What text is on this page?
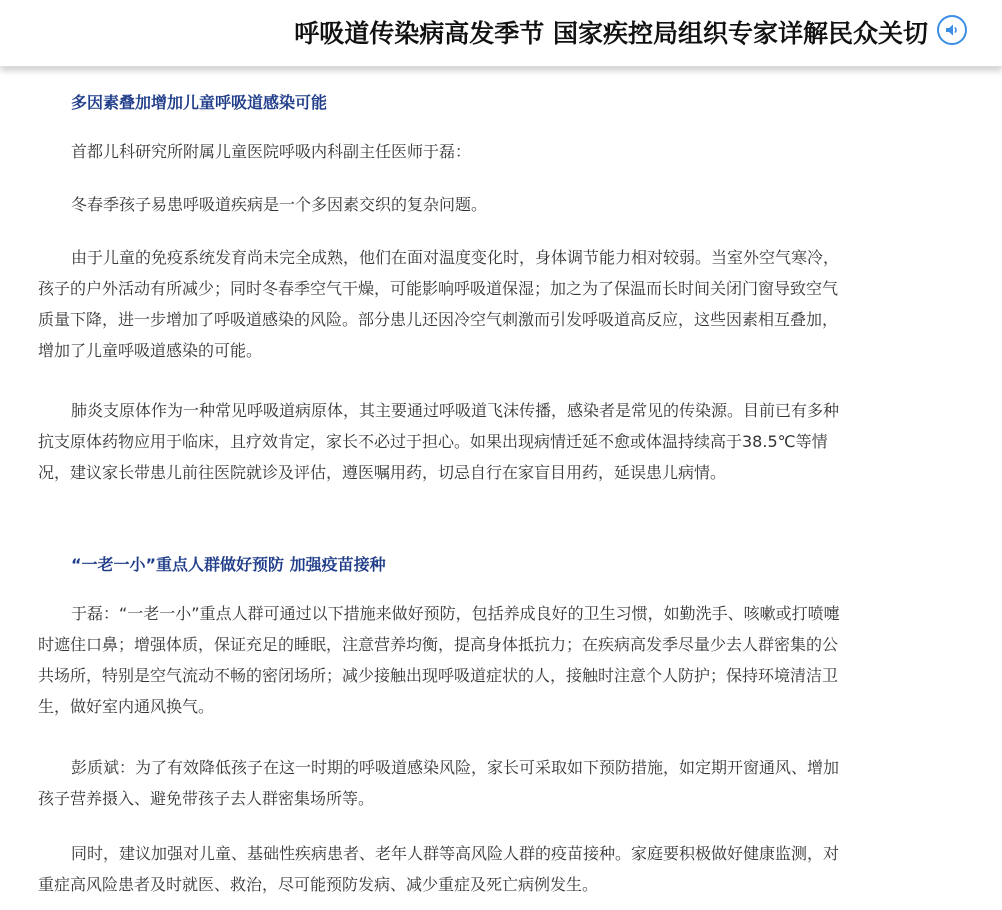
呼吸道传染病高发季节 国家疾控局组织专家详解民众关切
多因素叠加增加儿童呼吸道感染可能

首都儿科研究所附属儿童医院呼吸内科副主任医师于磊：

冬春季孩子易患呼吸道疾病是一个多因素交织的复杂问题。

由于儿童的免疫系统发育尚未完全成熟，他们在面对温度变化时，身体调节能力相对较弱。当室外空气寒冷，孩子的户外活动有所减少；同时冬春季空气干燥，可能影响呼吸道保湿；加之为了保温而长时间关闭门窗导致空气质量下降，进一步增加了呼吸道感染的风险。部分患儿还因冷空气刺激而引发呼吸道高反应，这些因素相互叠加，增加了儿童呼吸道感染的可能。

肺炎支原体作为一种常见呼吸道病原体，其主要通过呼吸道飞沫传播，感染者是常见的传染源。目前已有多种抗支原体药物应用于临床，且疗效肯定，家长不必过于担心。如果出现病情迁延不愈或体温持续高于38.5℃等情况，建议家长带患儿前往医院就诊及评估，遵医嘱用药，切忌自行在家盲目用药，延误患儿病情。

“一老一小”重点人群做好预防 加强疫苗接种

于磊：“一老一小”重点人群可通过以下措施来做好预防，包括养成良好的卫生习惯，如勤洗手、咳嗽或打喷嚏时遮住口鼻；增强体质，保证充足的睡眠，注意营养均衡，提高身体抵抗力；在疾病高发季尽量少去人群密集的公共场所，特别是空气流动不畅的密闭场所；减少接触出现呼吸道症状的人，接触时注意个人防护；保持环境清洁卫生，做好室内通风换气。

彭质斌：为了有效降低孩子在这一时期的呼吸道感染风险，家长可采取如下预防措施，如定期开窗通风、增加孩子营养摄入、避免带孩子去人群密集场所等。

同时，建议加强对儿童、基础性疾病患者、老年人群等高风险人群的疫苗接种。家庭要积极做好健康监测，对重症高风险患者及时就医、救治，尽可能预防发病、减少重症及死亡病例发生。
